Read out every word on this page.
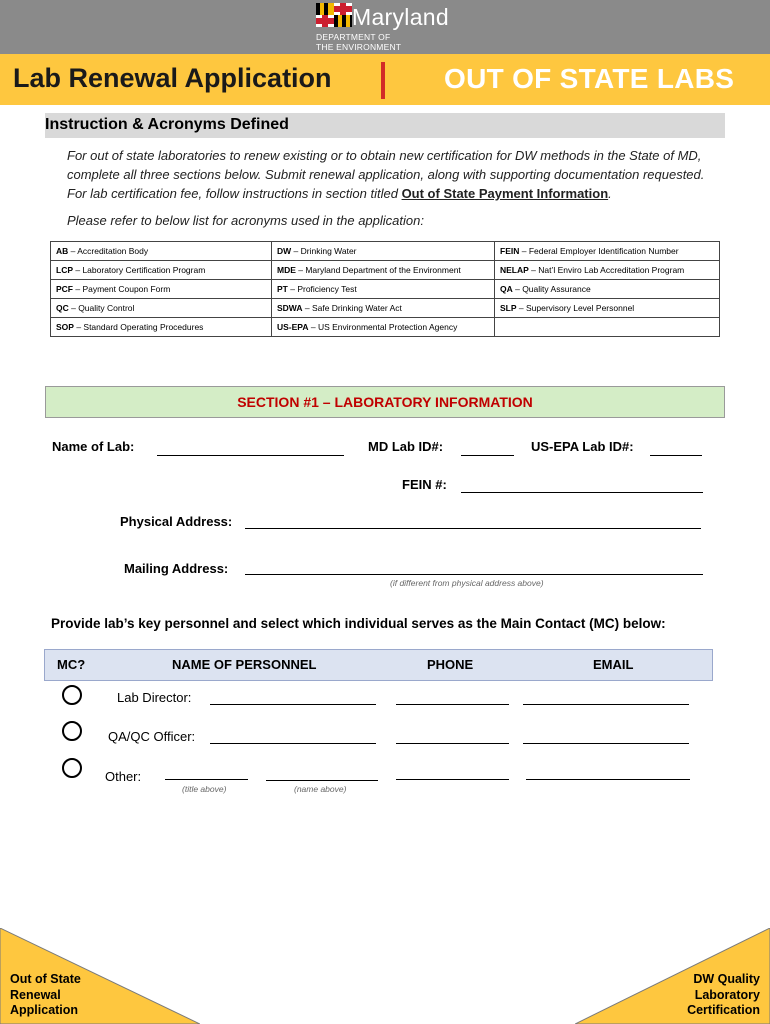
Maryland
DEPARTMENT OF
THE ENVIRONMENT
Lab Renewal Application	OUT OF STATE LABS
Instruction & Acronyms Defined
For out of state laboratories to renew existing or to obtain new certification for DW methods in the State of MD, complete all three sections below. Submit renewal application, along with supporting documentation requested. For lab certification fee, follow instructions in section titled Out of State Payment Information.
Please refer to below list for acronyms used in the application:
AB – Accreditation Body	DW – Drinking Water	FEIN – Federal Employer Identification Number
LCP – Laboratory Certification Program	MDE – Maryland Department of the Environment	NELAP – Nat’l Enviro Lab Accreditation Program
PCF – Payment Coupon Form	PT – Proficiency Test	QA – Quality Assurance
QC – Quality Control	SDWA – Safe Drinking Water Act	SLP – Supervisory Level Personnel
SOP – Standard Operating Procedures	US-EPA – US Environmental Protection Agency	
SECTION #1 – LABORATORY INFORMATION
Name of Lab:	MD Lab ID#:	US-EPA Lab ID#:
FEIN #:
Physical Address:
Mailing Address:
(if different from physical address above)
Provide lab’s key personnel and select which individual serves as the Main Contact (MC) below:
MC?	NAME OF PERSONNEL	PHONE	EMAIL
Lab Director:
QA/QC Officer:
Other:
(title above)	(name above)
Out of State
Renewal
Application
DW Quality
Laboratory
Certification
